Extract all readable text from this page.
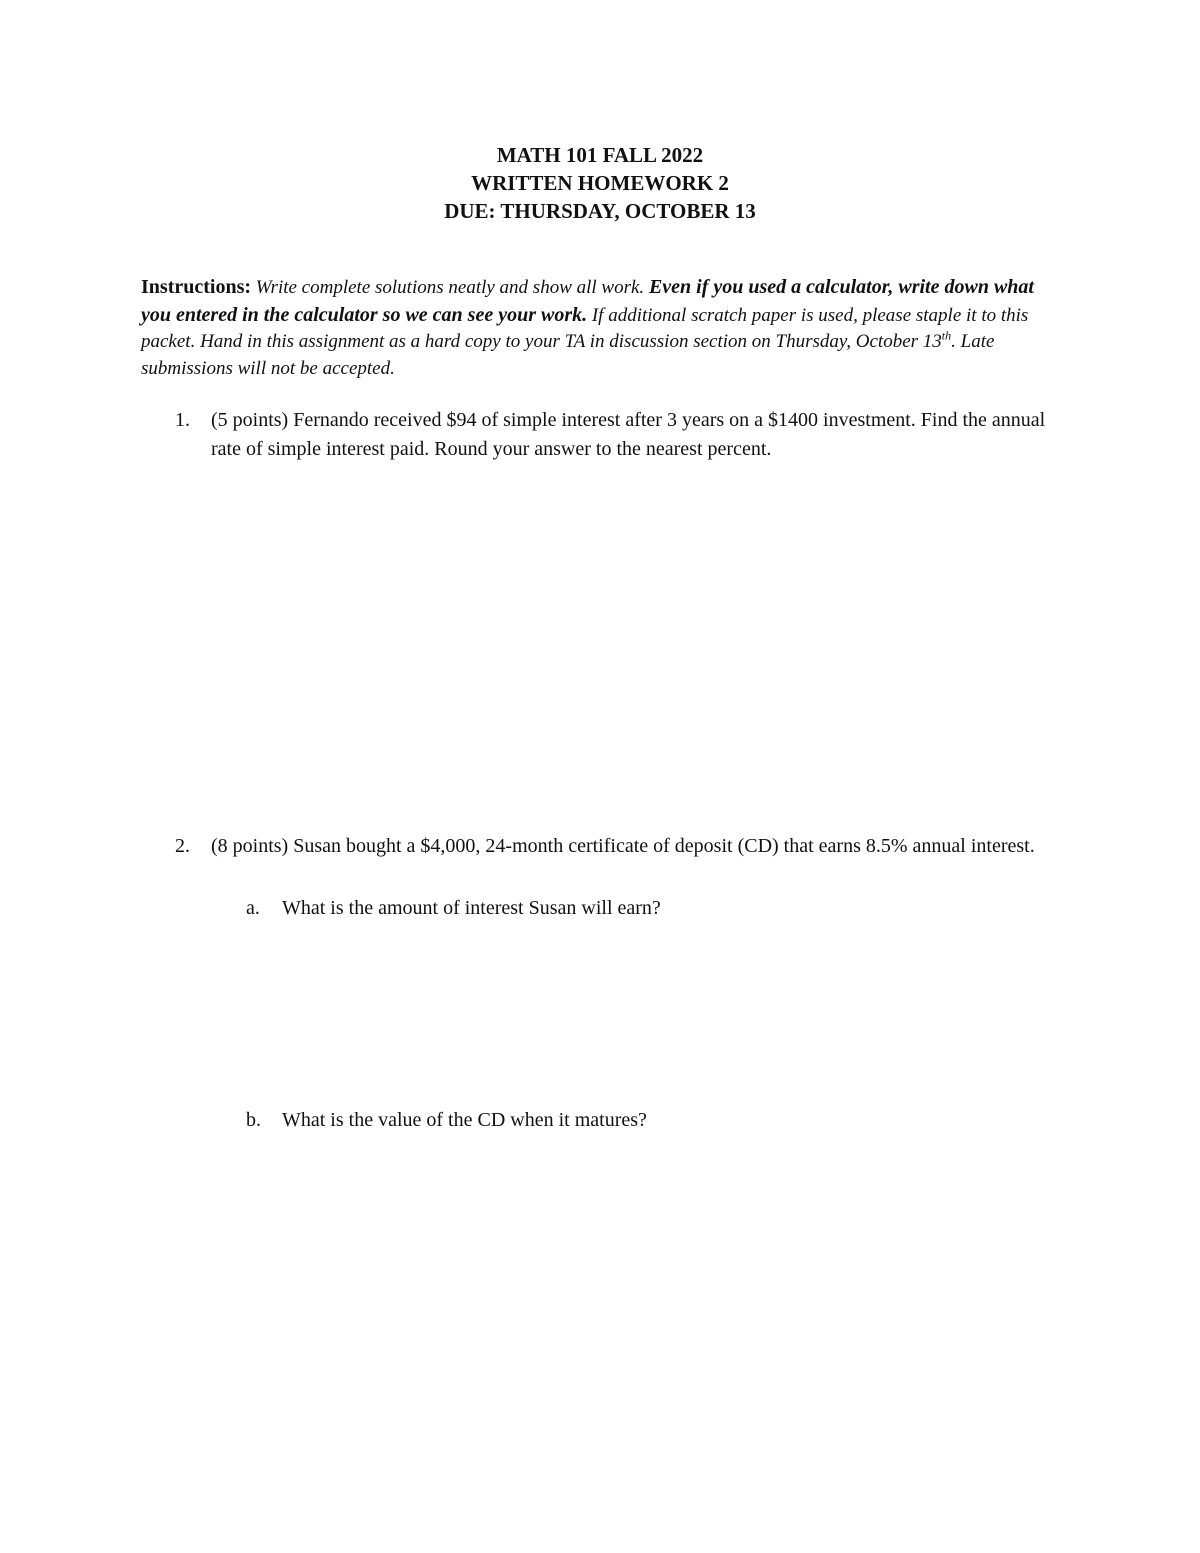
MATH 101 FALL 2022
WRITTEN HOMEWORK 2
DUE: THURSDAY, OCTOBER 13
Instructions: Write complete solutions neatly and show all work. Even if you used a calculator, write down what you entered in the calculator so we can see your work. If additional scratch paper is used, please staple it to this packet. Hand in this assignment as a hard copy to your TA in discussion section on Thursday, October 13th. Late submissions will not be accepted.
1. (5 points) Fernando received $94 of simple interest after 3 years on a $1400 investment. Find the annual rate of simple interest paid. Round your answer to the nearest percent.
2. (8 points) Susan bought a $4,000, 24-month certificate of deposit (CD) that earns 8.5% annual interest.
a. What is the amount of interest Susan will earn?
b. What is the value of the CD when it matures?
